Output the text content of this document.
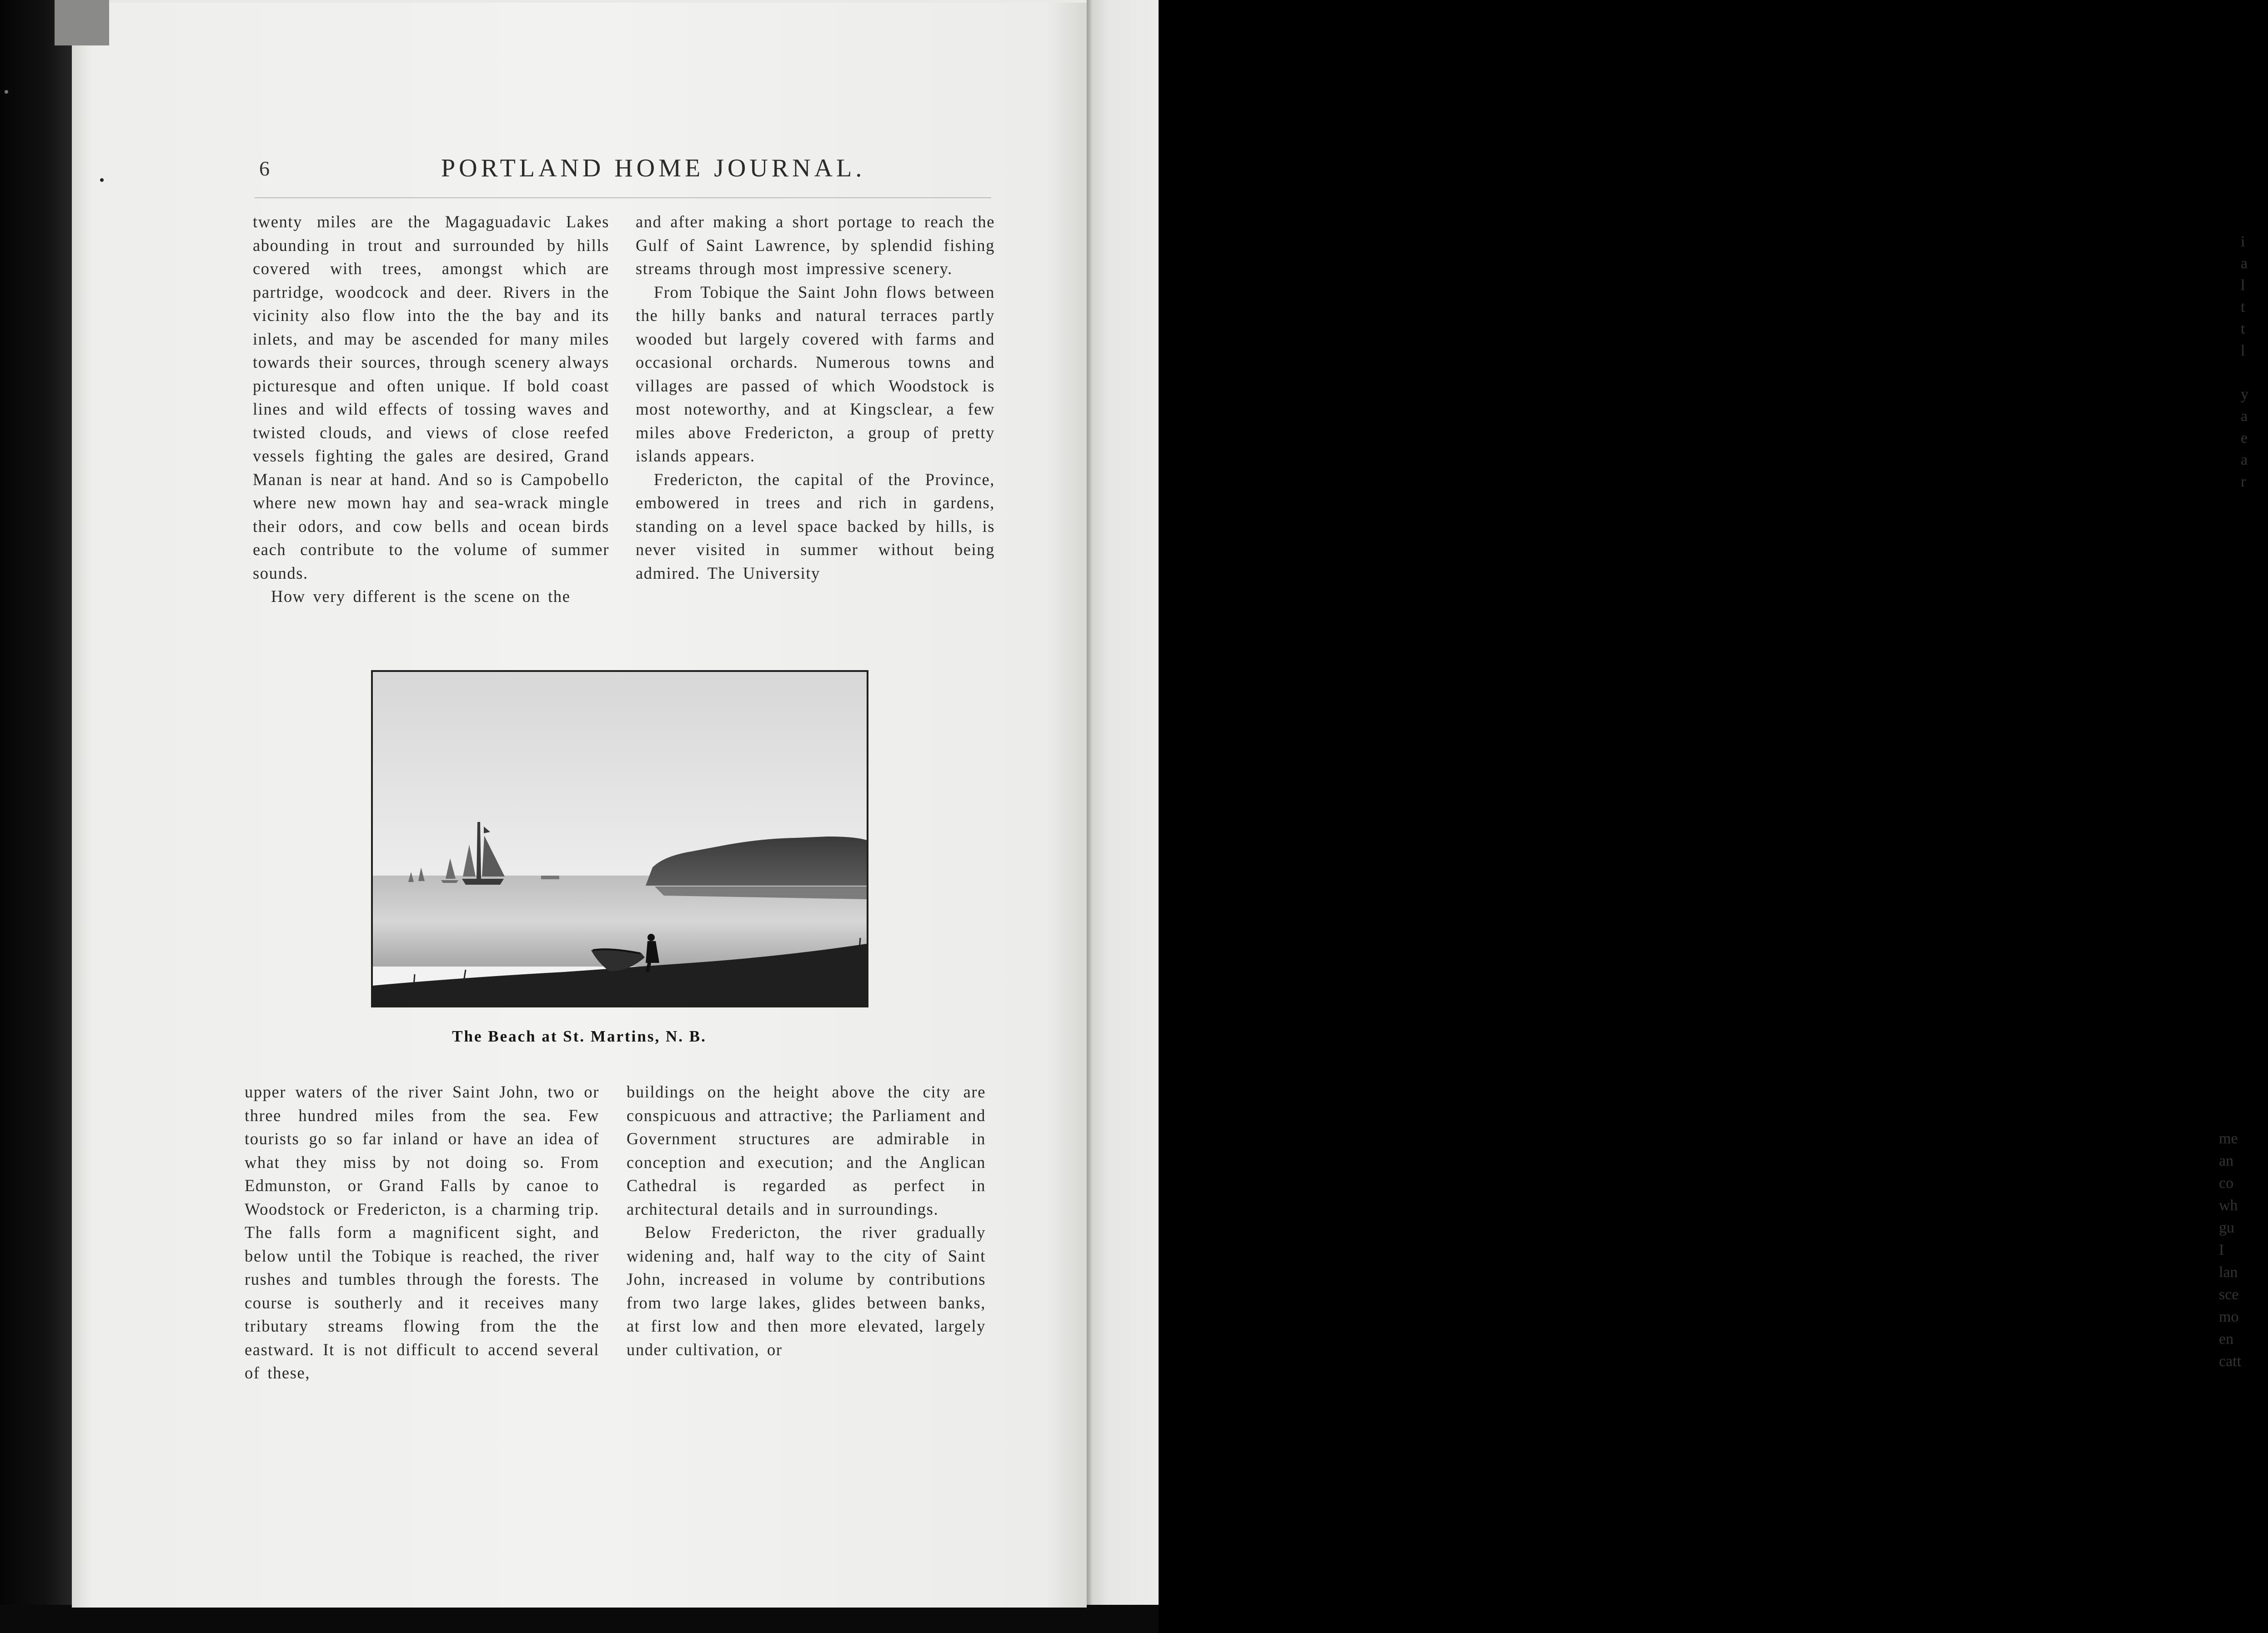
i
a
l
t
t
l

y
a
e
a
r
me
an
co
wh
gu
I
lan
sce
mo
en
catt
6	PORTLAND HOME JOURNAL.

twenty miles are the Magaguadavic Lakes abounding in trout and surrounded by hills covered with trees, amongst which are partridge, woodcock and deer. Rivers in the vicinity also flow into the the bay and its inlets, and may be ascended for many miles towards their sources, through scenery always picturesque and often unique. If bold coast lines and wild effects of tossing waves and twisted clouds, and views of close reefed vessels fighting the gales are desired, Grand Manan is near at hand. And so is Campobello where new mown hay and sea-wrack mingle their odors, and cow bells and ocean birds each contribute to the volume of summer sounds.

How very different is the scene on the

and after making a short portage to reach the Gulf of Saint Lawrence, by splendid fishing streams through most impressive scenery.

From Tobique the Saint John flows between the hilly banks and natural terraces partly wooded but largely covered with farms and occasional orchards. Numerous towns and villages are passed of which Woodstock is most noteworthy, and at Kingsclear, a few miles above Fredericton, a group of pretty islands appears.

Fredericton, the capital of the Province, embowered in trees and rich in gardens, standing on a level space backed by hills, is never visited in summer without being admired. The University

The Beach at St. Martins, N. B.

upper waters of the river Saint John, two or three hundred miles from the sea. Few tourists go so far inland or have an idea of what they miss by not doing so. From Edmunston, or Grand Falls by canoe to Woodstock or Fredericton, is a charming trip. The falls form a magnificent sight, and below until the Tobique is reached, the river rushes and tumbles through the forests. The course is southerly and it receives many tributary streams flowing from the the eastward. It is not difficult to accend several of these,

buildings on the height above the city are conspicuous and attractive; the Parliament and Government structures are admirable in conception and execution; and the Anglican Cathedral is regarded as perfect in architectural details and in surroundings.

Below Fredericton, the river gradually widening and, half way to the city of Saint John, increased in volume by contributions from two large lakes, glides between banks, at first low and then more elevated, largely under cultivation, or
